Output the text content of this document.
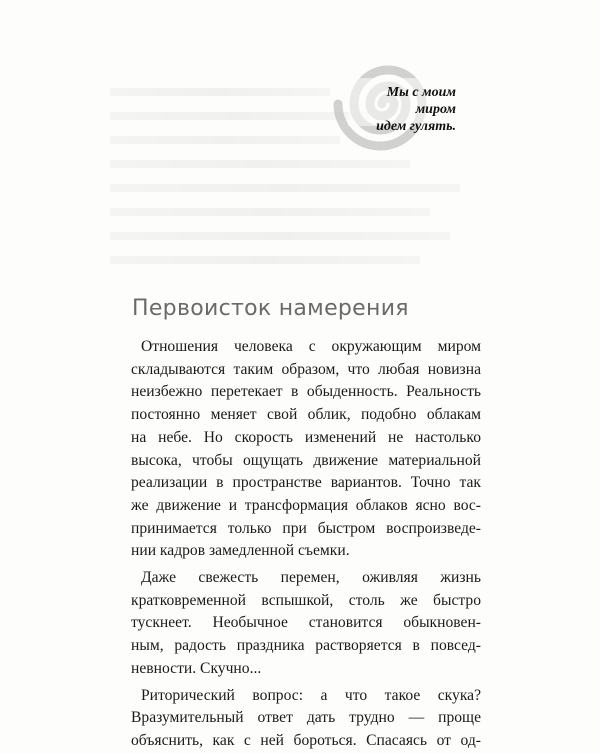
Мы с моим миром
идем гулять.
Первоисток намерения
Отношения человека с окружающим миром
складываются таким образом, что любая новизна
неизбежно перетекает в обыденность. Реальность
постоянно меняет свой облик, подобно облакам
на небе. Но скорость изменений не настолько
высока, чтобы ощущать движение материальной
реализации в пространстве вариантов. Точно так
же движение и трансформация облаков ясно вос-
принимается только при быстром воспроизведе-
нии кадров замедленной съемки.
Даже свежесть перемен, оживляя жизнь
кратковременной вспышкой, столь же быстро
тускнеет. Необычное становится обыкновен-
ным, радость праздника растворяется в повсед-
невности. Скучно...
Риторический вопрос: а что такое скука?
Вразумительный ответ дать трудно — проще
объяснить, как с ней бороться. Спасаясь от од-
